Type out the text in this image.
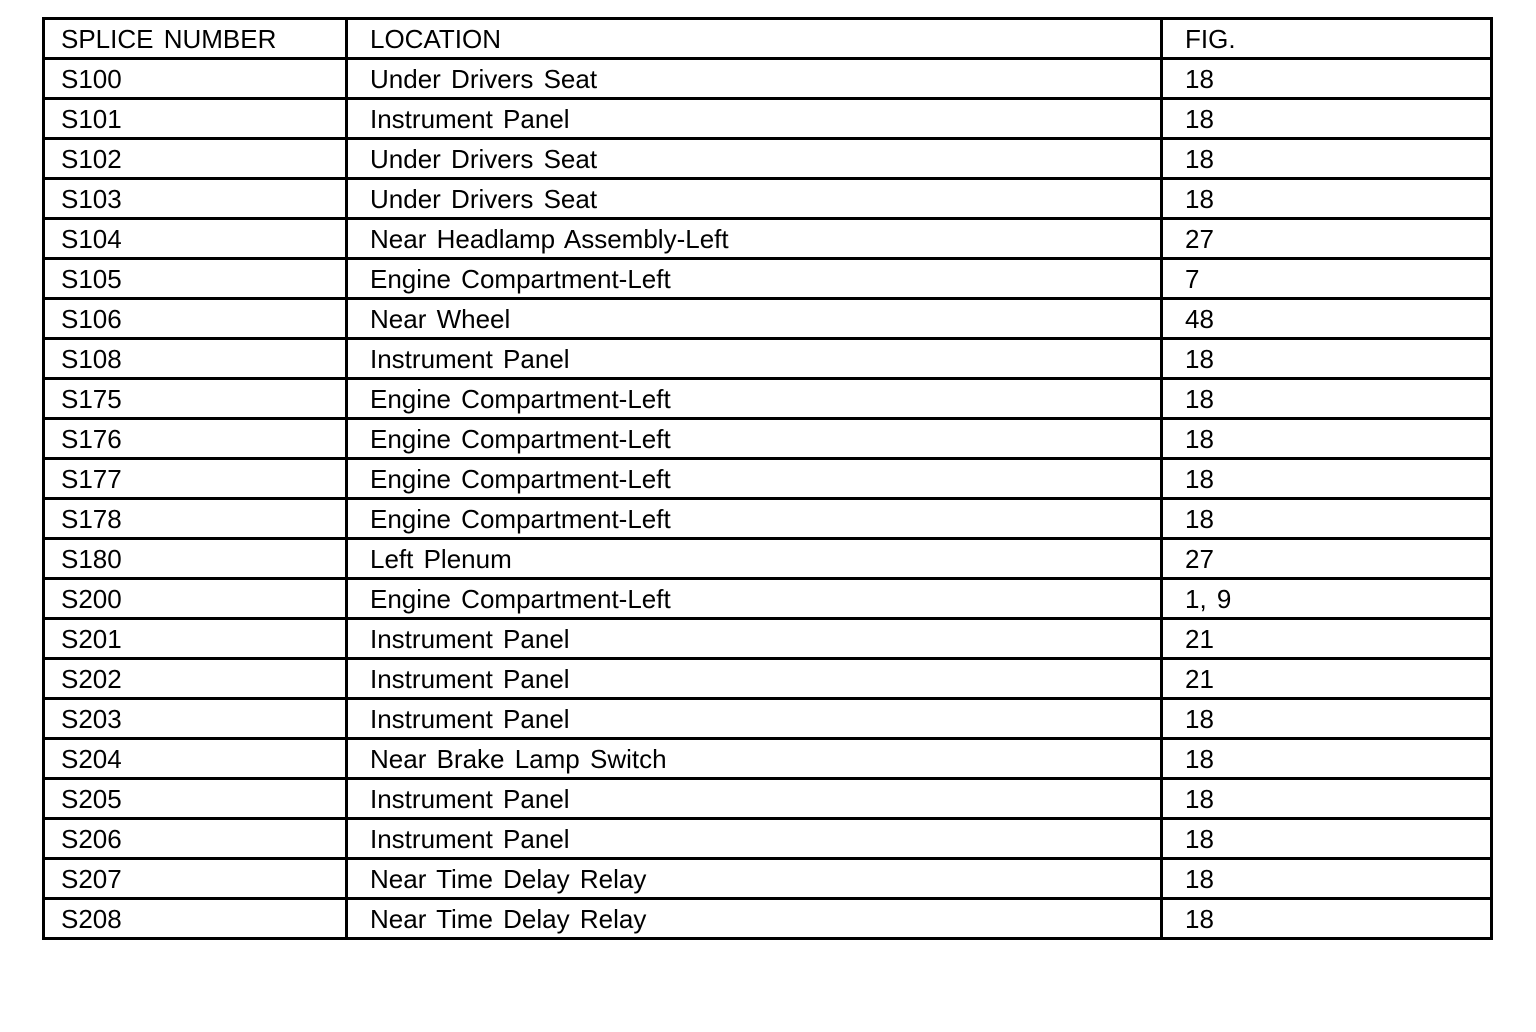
SPLICE NUMBER	LOCATION	FIG.
S100	Under Drivers Seat	18
S101	Instrument Panel	18
S102	Under Drivers Seat	18
S103	Under Drivers Seat	18
S104	Near Headlamp Assembly-Left	27
S105	Engine Compartment-Left	7
S106	Near Wheel	48
S108	Instrument Panel	18
S175	Engine Compartment-Left	18
S176	Engine Compartment-Left	18
S177	Engine Compartment-Left	18
S178	Engine Compartment-Left	18
S180	Left Plenum	27
S200	Engine Compartment-Left	1, 9
S201	Instrument Panel	21
S202	Instrument Panel	21
S203	Instrument Panel	18
S204	Near Brake Lamp Switch	18
S205	Instrument Panel	18
S206	Instrument Panel	18
S207	Near Time Delay Relay	18
S208	Near Time Delay Relay	18
